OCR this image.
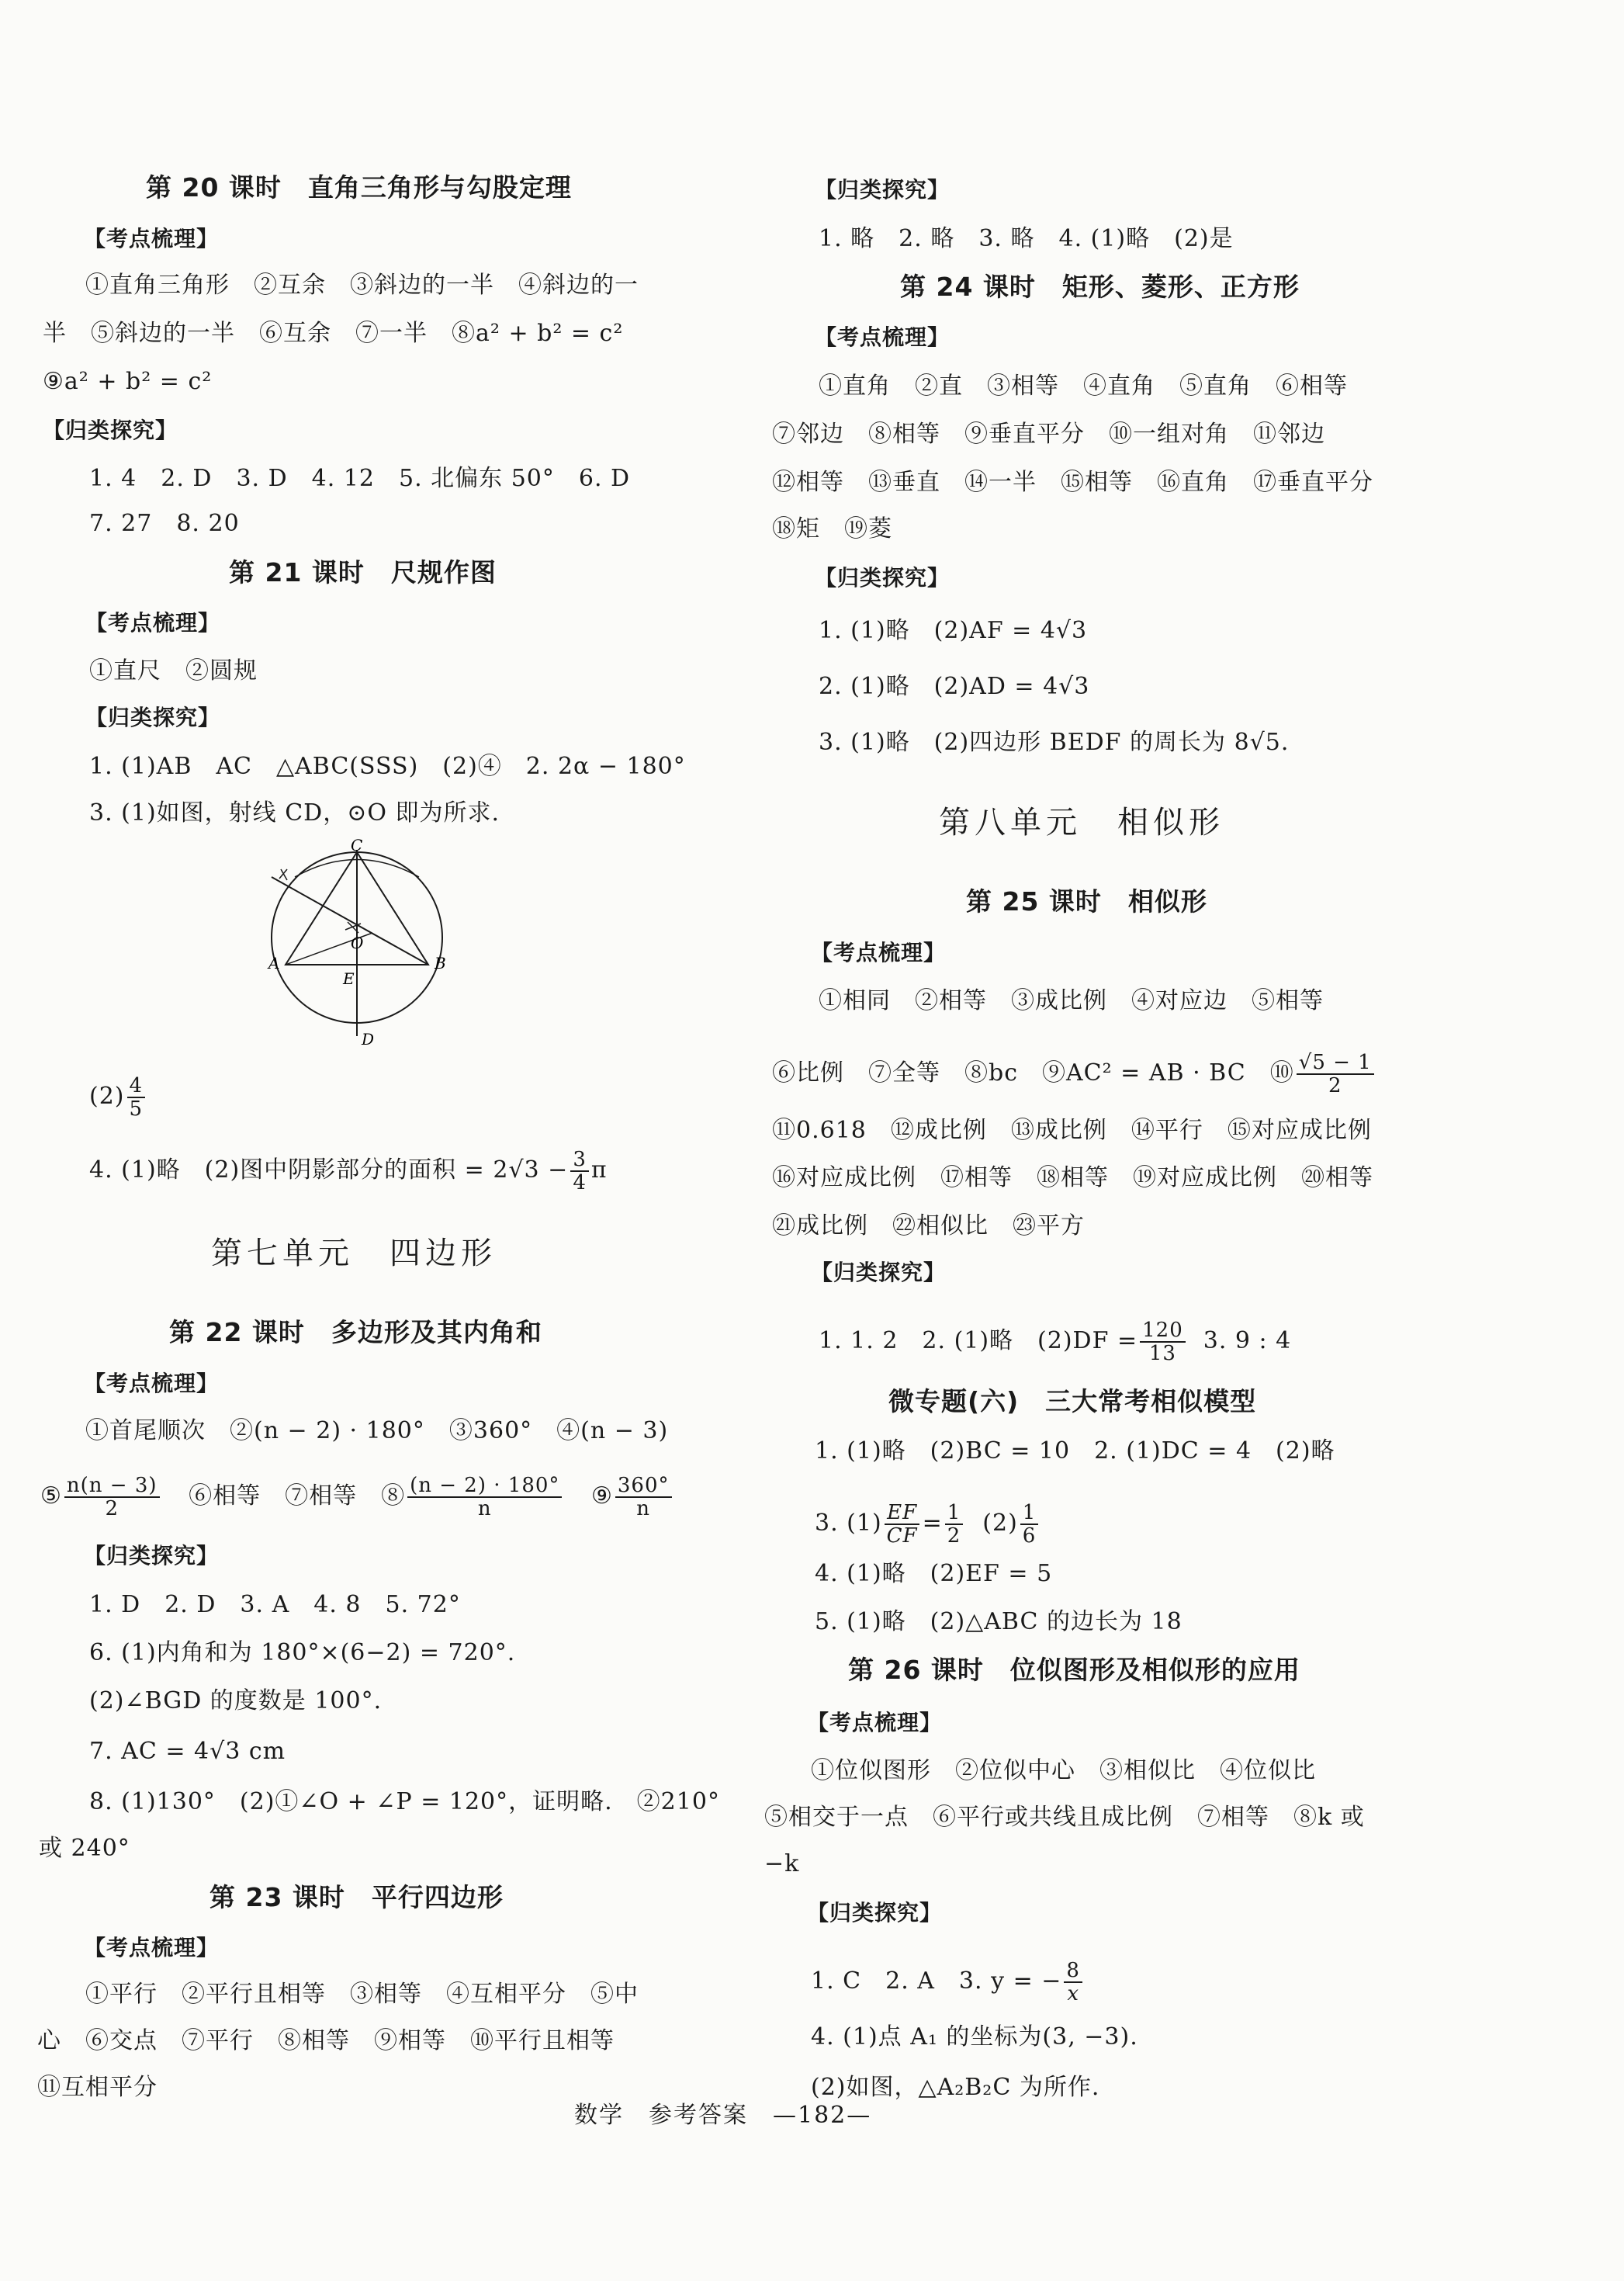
第 20 课时　直角三角形与勾股定理
【考点梳理】
①直角三角形　②互余　③斜边的一半　④斜边的一
半　⑤斜边的一半　⑥互余　⑦一半　⑧a² + b² = c²
⑨a² + b² = c²
【归类探究】
1. 4　2. D　3. D　4. 12　5. 北偏东 50°　6. D
7. 27　8. 20
第 21 课时　尺规作图
【考点梳理】
①直尺　②圆规
【归类探究】
1. (1)AB　AC　△ABC(SSS)　(2)④　2. 2α − 180°
3. (1)如图，射线 CD，⊙O 即为所求.
C
O
A	B
E
D
$(2) \frac{4}{5}$
4. (1)略　(2)图中阴影部分的面积 = $2√3 - \frac{3}{4}$ π
第七单元　四边形
第 22 课时　多边形及其内角和
【考点梳理】
①首尾顺次　②(n − 2) · 180°　③360°　④(n − 3)
⑤ $\frac{n(n - 3)}{2}$ ⑥相等　⑦相等　⑧ $\frac{(n - 2) \cdot 180^\circ}{n}$ ⑨ $\frac{360^\circ}{n}$
【归类探究】
1. D　2. D　3. A　4. 8　5. 72°
6. (1)内角和为 180°×(6−2) = 720°.
(2)∠BGD 的度数是 100°.
7. AC = 4√3 cm
8. (1)130°　(2)①∠O + ∠P = 120°，证明略.　②210°
或 240°
第 23 课时　平行四边形
【考点梳理】
①平行　②平行且相等　③相等　④互相平分　⑤中
心　⑥交点　⑦平行　⑧相等　⑨相等　⑩平行且相等
⑪互相平分
【归类探究】
1. 略　2. 略　3. 略　4. (1)略　(2)是
第 24 课时　矩形、菱形、正方形
【考点梳理】
①直角　②直　③相等　④直角　⑤直角　⑥相等
⑦邻边　⑧相等　⑨垂直平分　⑩一组对角　⑪邻边
⑫相等　⑬垂直　⑭一半　⑮相等　⑯直角　⑰垂直平分
⑱矩　⑲菱
【归类探究】
1. (1)略　(2)AF = 4√3
2. (1)略　(2)AD = 4√3
3. (1)略　(2)四边形 BEDF 的周长为 8√5.
第八单元　相似形
第 25 课时　相似形
【考点梳理】
①相同　②相等　③成比例　④对应边　⑤相等
⑥比例　⑦全等　⑧bc　⑨AC² = AB · BC　⑩ $\frac{√5 - 1}{2}$
⑪0.618　⑫成比例　⑬成比例　⑭平行　⑮对应成比例
⑯对应成比例　⑰相等　⑱相等　⑲对应成比例　⑳相等
㉑成比例　㉒相似比　㉓平方
【归类探究】
1. 1. 2　2. (1)略　$(2)DF = \frac{120}{13} 3$. 9 : 4
微专题(六)　三大常考相似模型
1. (1)略　(2)BC = 10　2. (1)DC = 4　(2)略
3. $(1) \frac{EF}{CF} = \frac{1}{2} (2) \frac{1}{6}$
4. (1)略　(2)EF = 5
5. (1)略　(2)△ABC 的边长为 18
第 26 课时　位似图形及相似形的应用
【考点梳理】
①位似图形　②位似中心　③相似比　④位似比
⑤相交于一点　⑥平行或共线且成比例　⑦相等　⑧k 或
−k
【归类探究】
1. C　2. A　3. y = − $\frac{8}{x}$
4. (1)点 A₁ 的坐标为(3, −3).
(2)如图，△A₂B₂C 为所作.
数学　参考答案　—182—
